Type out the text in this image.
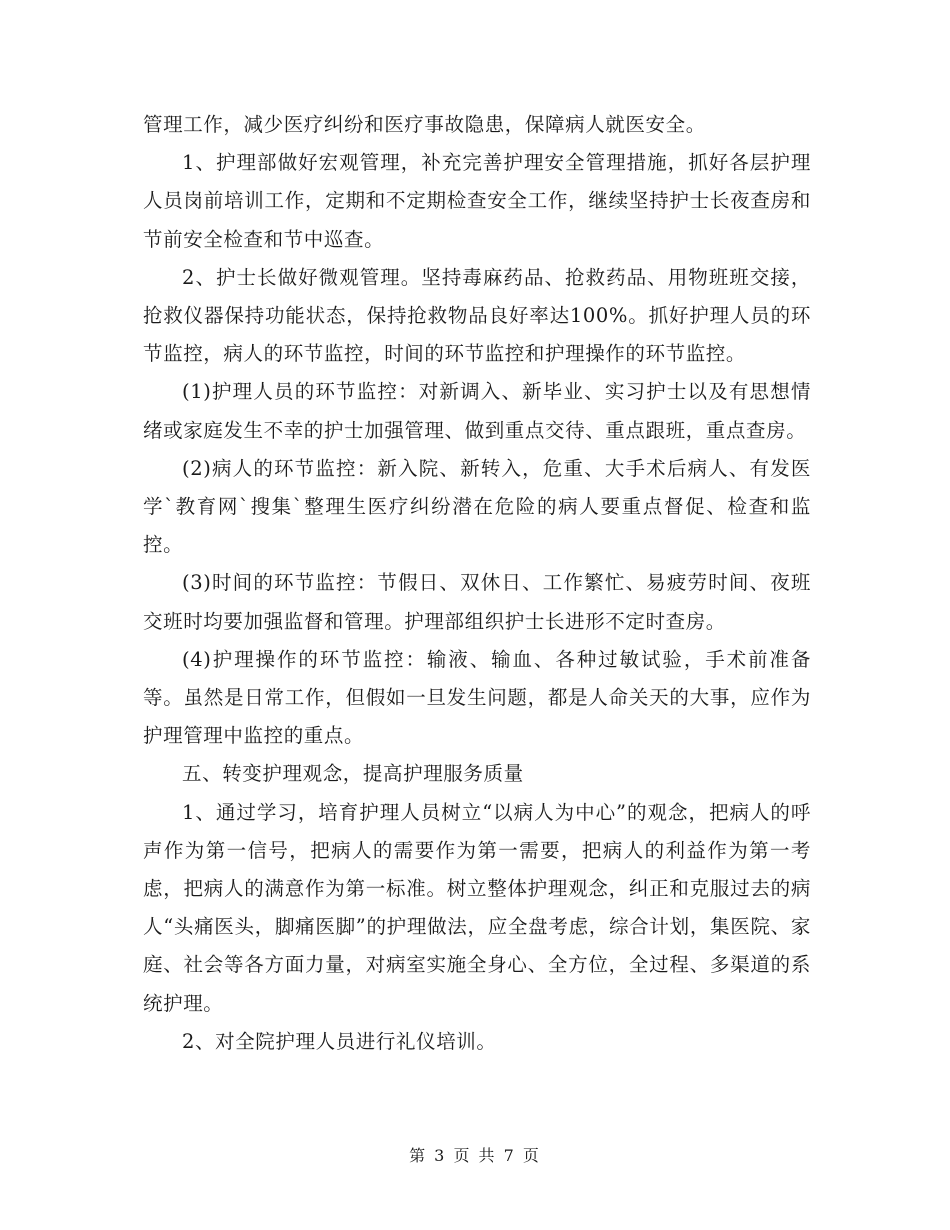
管理工作，减少医疗纠纷和医疗事故隐患，保障病人就医安全。

1、护理部做好宏观管理，补充完善护理安全管理措施，抓好各层护理人员岗前培训工作，定期和不定期检查安全工作，继续坚持护士长夜查房和节前安全检查和节中巡查。

2、护士长做好微观管理。坚持毒麻药品、抢救药品、用物班班交接，抢救仪器保持功能状态，保持抢救物品良好率达100%。抓好护理人员的环节监控，病人的环节监控，时间的环节监控和护理操作的环节监控。

(1)护理人员的环节监控：对新调入、新毕业、实习护士以及有思想情绪或家庭发生不幸的护士加强管理、做到重点交待、重点跟班，重点查房。

(2)病人的环节监控：新入院、新转入，危重、大手术后病人、有发医学`教育网`搜集`整理生医疗纠纷潜在危险的病人要重点督促、检查和监控。

(3)时间的环节监控：节假日、双休日、工作繁忙、易疲劳时间、夜班交班时均要加强监督和管理。护理部组织护士长进形不定时查房。

(4)护理操作的环节监控：输液、输血、各种过敏试验，手术前准备等。虽然是日常工作，但假如一旦发生问题，都是人命关天的大事，应作为护理管理中监控的重点。

五、转变护理观念，提高护理服务质量

1、通过学习，培育护理人员树立“以病人为中心”的观念，把病人的呼声作为第一信号，把病人的需要作为第一需要，把病人的利益作为第一考虑，把病人的满意作为第一标准。树立整体护理观念，纠正和克服过去的病人“头痛医头，脚痛医脚”的护理做法，应全盘考虑，综合计划，集医院、家庭、社会等各方面力量，对病室实施全身心、全方位，全过程、多渠道的系统护理。

2、对全院护理人员进行礼仪培训。

第 3 页 共 7 页
